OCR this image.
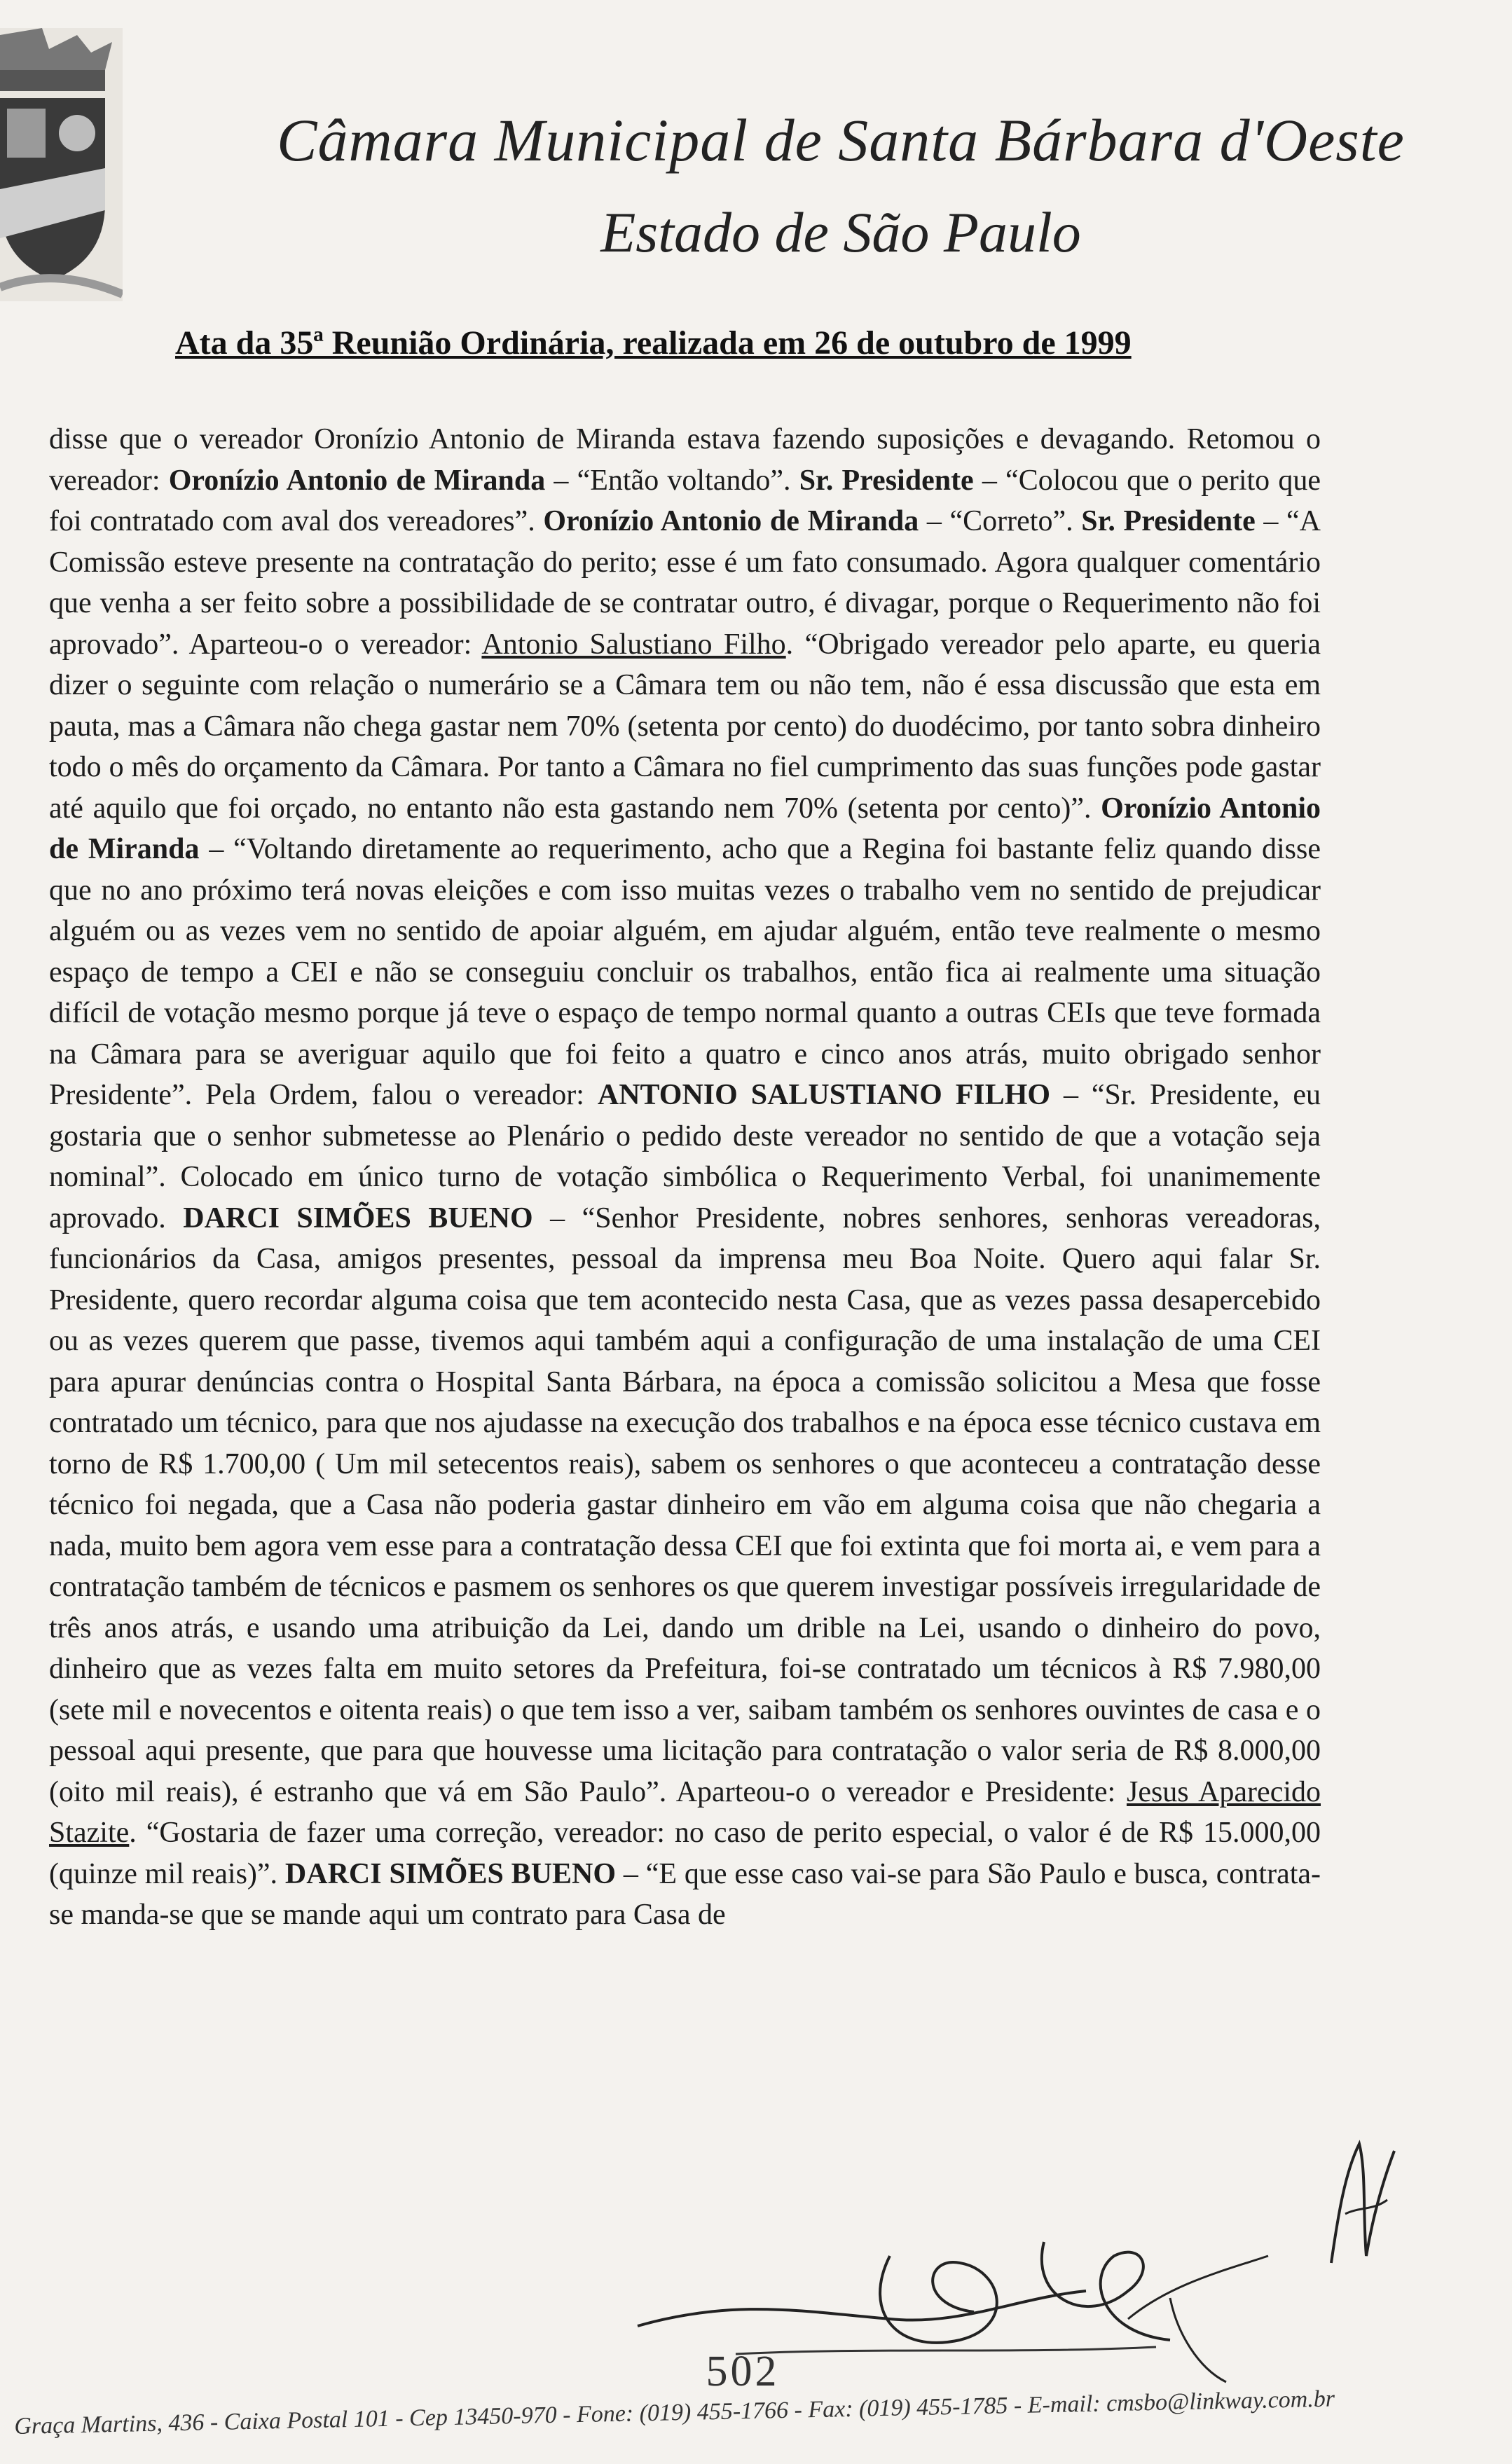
Câmara Municipal de Santa Bárbara d'Oeste
Estado de São Paulo
Ata da 35ª Reunião Ordinária, realizada em 26 de outubro de 1999
disse que o vereador Oronízio Antonio de Miranda estava fazendo suposições e devagando. Retomou o vereador: Oronízio Antonio de Miranda – “Então voltando”. Sr. Presidente – “Colocou que o perito que foi contratado com aval dos vereadores”. Oronízio Antonio de Miranda – “Correto”. Sr. Presidente – “A Comissão esteve presente na contratação do perito; esse é um fato consumado. Agora qualquer comentário que venha a ser feito sobre a possibilidade de se contratar outro, é divagar, porque o Requerimento não foi aprovado”. Aparteou-o o vereador: Antonio Salustiano Filho. “Obrigado vereador pelo aparte, eu queria dizer o seguinte com relação o numerário se a Câmara tem ou não tem, não é essa discussão que esta em pauta, mas a Câmara não chega gastar nem 70% (setenta por cento) do duodécimo, por tanto sobra dinheiro todo o mês do orçamento da Câmara. Por tanto a Câmara no fiel cumprimento das suas funções pode gastar até aquilo que foi orçado, no entanto não esta gastando nem 70% (setenta por cento)”. Oronízio Antonio de Miranda – “Voltando diretamente ao requerimento, acho que a Regina foi bastante feliz quando disse que no ano próximo terá novas eleições e com isso muitas vezes o trabalho vem no sentido de prejudicar alguém ou as vezes vem no sentido de apoiar alguém, em ajudar alguém, então teve realmente o mesmo espaço de tempo a CEI e não se conseguiu concluir os trabalhos, então fica ai realmente uma situação difícil de votação mesmo porque já teve o espaço de tempo normal quanto a outras CEIs que teve formada na Câmara para se averiguar aquilo que foi feito a quatro e cinco anos atrás, muito obrigado senhor Presidente”. Pela Ordem, falou o vereador: ANTONIO SALUSTIANO FILHO – “Sr. Presidente, eu gostaria que o senhor submetesse ao Plenário o pedido deste vereador no sentido de que a votação seja nominal”. Colocado em único turno de votação simbólica o Requerimento Verbal, foi unanimemente aprovado. DARCI SIMÕES BUENO – “Senhor Presidente, nobres senhores, senhoras vereadoras, funcionários da Casa, amigos presentes, pessoal da imprensa meu Boa Noite. Quero aqui falar Sr. Presidente, quero recordar alguma coisa que tem acontecido nesta Casa, que as vezes passa desapercebido ou as vezes querem que passe, tivemos aqui também aqui a configuração de uma instalação de uma CEI para apurar denúncias contra o Hospital Santa Bárbara, na época a comissão solicitou a Mesa que fosse contratado um técnico, para que nos ajudasse na execução dos trabalhos e na época esse técnico custava em torno de R$ 1.700,00 ( Um mil setecentos reais), sabem os senhores o que aconteceu a contratação desse técnico foi negada, que a Casa não poderia gastar dinheiro em vão em alguma coisa que não chegaria a nada, muito bem agora vem esse para a contratação dessa CEI que foi extinta que foi morta ai, e vem para a contratação também de técnicos e pasmem os senhores os que querem investigar possíveis irregularidade de três anos atrás, e usando uma atribuição da Lei, dando um drible na Lei, usando o dinheiro do povo, dinheiro que as vezes falta em muito setores da Prefeitura, foi-se contratado um técnicos à R$ 7.980,00 (sete mil e novecentos e oitenta reais) o que tem isso a ver, saibam também os senhores ouvintes de casa e o pessoal aqui presente, que para que houvesse uma licitação para contratação o valor seria de R$ 8.000,00 (oito mil reais), é estranho que vá em São Paulo”. Aparteou-o o vereador e Presidente: Jesus Aparecido Stazite. “Gostaria de fazer uma correção, vereador: no caso de perito especial, o valor é de R$ 15.000,00 (quinze mil reais)”. DARCI SIMÕES BUENO – “E que esse caso vai-se para São Paulo e busca, contrata-se manda-se que se mande aqui um contrato para Casa de
502
Graça Martins, 436 - Caixa Postal 101 - Cep 13450-970 - Fone: (019) 455-1766 - Fax: (019) 455-1785 - E-mail: cmsbo@linkway.com.br
